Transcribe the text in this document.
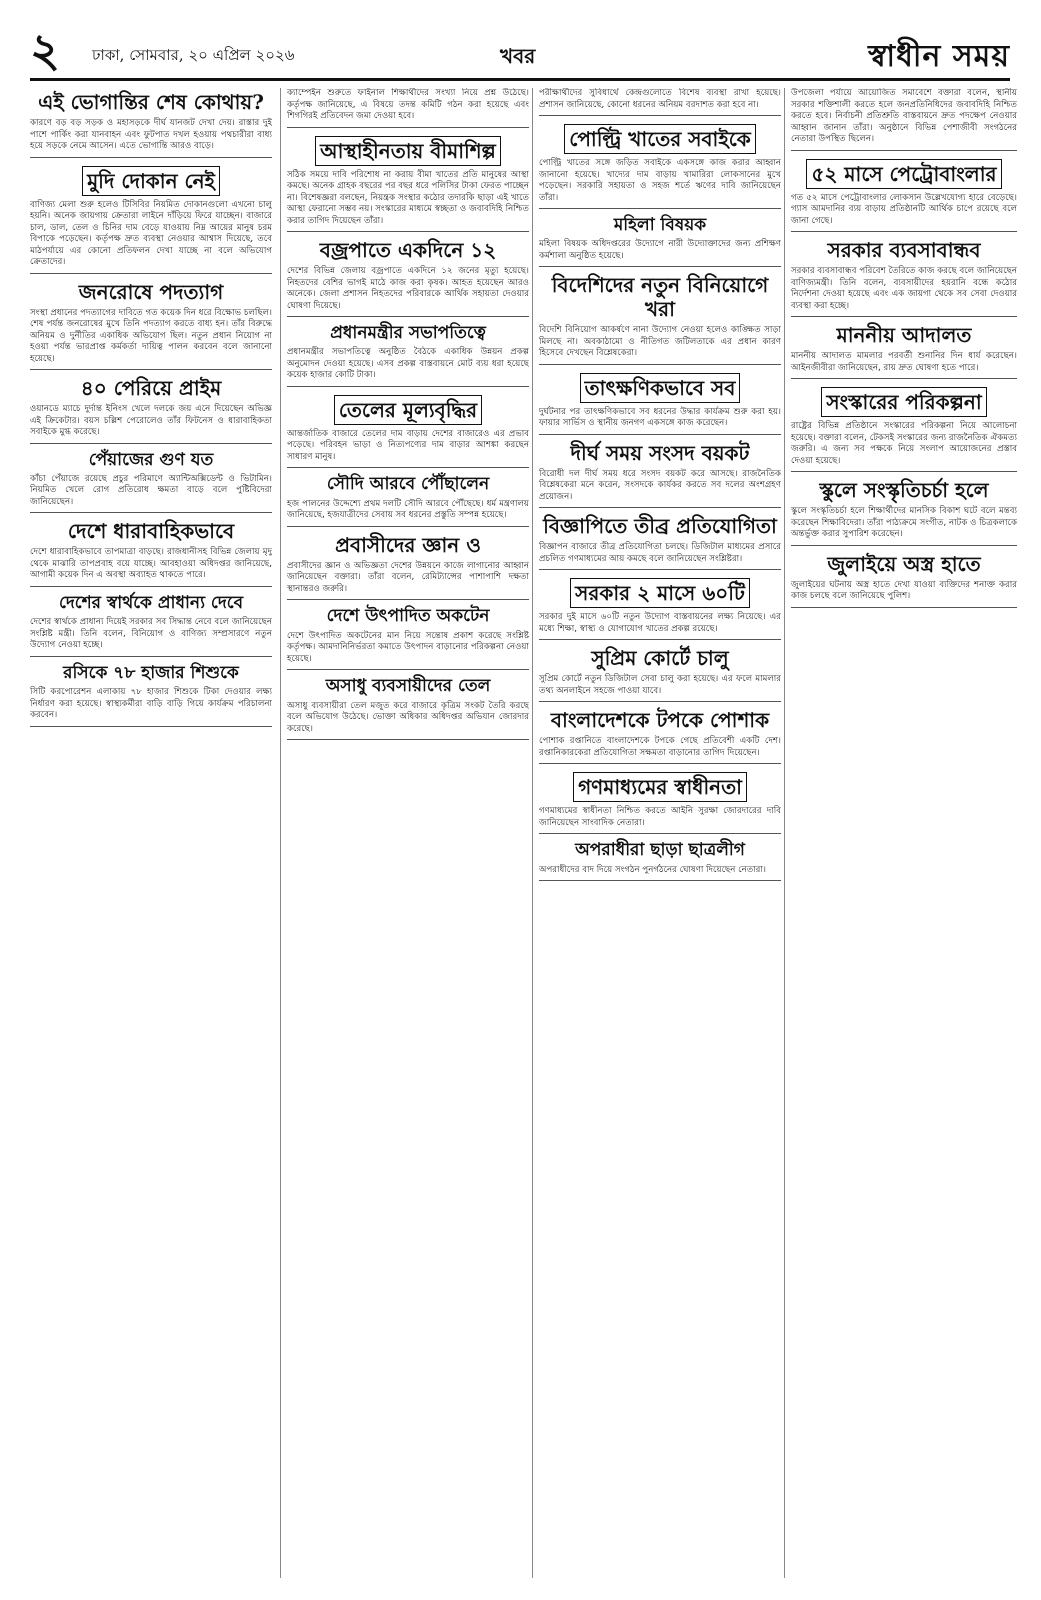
২ ঢাকা, সোমবার, ২০ এপ্রিল ২০২৬	খবর	স্বাধীন সময়
এই ভোগান্তির শেষ কোথায়?

কারণে বড় বড় সড়ক ও মহাসড়কে দীর্ঘ যানজট দেখা দেয়। রাস্তার দুই পাশে পার্কিং করা যানবাহন এবং ফুটপাত দখল হওয়ায় পথচারীরা বাধ্য হয়ে সড়কে নেমে আসেন। এতে ভোগান্তি আরও বাড়ে।

মুদি দোকান নেই

বাণিজ্য মেলা শুরু হলেও টিসিবির নিয়মিত দোকানগুলো এখনো চালু হয়নি। অনেক জায়গায় ক্রেতারা লাইনে দাঁড়িয়ে ফিরে যাচ্ছেন। বাজারে চাল, ডাল, তেল ও চিনির দাম বেড়ে যাওয়ায় নিম্ন আয়ের মানুষ চরম বিপাকে পড়েছেন। কর্তৃপক্ষ দ্রুত ব্যবস্থা নেওয়ার আশ্বাস দিয়েছে, তবে মাঠপর্যায়ে এর কোনো প্রতিফলন দেখা যাচ্ছে না বলে অভিযোগ ক্রেতাদের।

জনরোষে পদত্যাগ

সংস্থা প্রধানের পদত্যাগের দাবিতে গত কয়েক দিন ধরে বিক্ষোভ চলছিল। শেষ পর্যন্ত জনরোষের মুখে তিনি পদত্যাগ করতে বাধ্য হন। তাঁর বিরুদ্ধে অনিয়ম ও দুর্নীতির একাধিক অভিযোগ ছিল। নতুন প্রধান নিয়োগ না হওয়া পর্যন্ত ভারপ্রাপ্ত কর্মকর্তা দায়িত্ব পালন করবেন বলে জানানো হয়েছে।

৪০ পেরিয়ে প্রাইম

ওয়ানডে ম্যাচে দুর্দান্ত ইনিংস খেলে দলকে জয় এনে দিয়েছেন অভিজ্ঞ এই ক্রিকেটার। বয়স চল্লিশ পেরোলেও তাঁর ফিটনেস ও ধারাবাহিকতা সবাইকে মুগ্ধ করেছে।

পেঁয়াজের গুণ যত

কাঁচা পেঁয়াজে রয়েছে প্রচুর পরিমাণে অ্যান্টিঅক্সিডেন্ট ও ভিটামিন। নিয়মিত খেলে রোগ প্রতিরোধ ক্ষমতা বাড়ে বলে পুষ্টিবিদেরা জানিয়েছেন।

দেশে ধারাবাহিকভাবে

দেশে ধারাবাহিকভাবে তাপমাত্রা বাড়ছে। রাজধানীসহ বিভিন্ন জেলায় মৃদু থেকে মাঝারি তাপপ্রবাহ বয়ে যাচ্ছে। আবহাওয়া অধিদপ্তর জানিয়েছে, আগামী কয়েক দিন এ অবস্থা অব্যাহত থাকতে পারে।

দেশের স্বার্থকে প্রাধান্য দেবে

দেশের স্বার্থকে প্রাধান্য দিয়েই সরকার সব সিদ্ধান্ত নেবে বলে জানিয়েছেন সংশ্লিষ্ট মন্ত্রী। তিনি বলেন, বিনিয়োগ ও বাণিজ্য সম্প্রসারণে নতুন উদ্যোগ নেওয়া হচ্ছে।

রসিকে ৭৮ হাজার শিশুকে

সিটি করপোরেশন এলাকায় ৭৮ হাজার শিশুকে টিকা দেওয়ার লক্ষ্য নির্ধারণ করা হয়েছে। স্বাস্থ্যকর্মীরা বাড়ি বাড়ি গিয়ে কার্যক্রম পরিচালনা করবেন।

ক্যাম্পেইন শুরুতে ফাইনাল শিক্ষার্থীদের সংখ্যা নিয়ে প্রশ্ন উঠেছে। কর্তৃপক্ষ জানিয়েছে, এ বিষয়ে তদন্ত কমিটি গঠন করা হয়েছে এবং শিগগিরই প্রতিবেদন জমা দেওয়া হবে।

আস্থাহীনতায় বীমাশিল্প

সঠিক সময়ে দাবি পরিশোধ না করায় বীমা খাতের প্রতি মানুষের আস্থা কমছে। অনেক গ্রাহক বছরের পর বছর ধরে পলিসির টাকা ফেরত পাচ্ছেন না। বিশেষজ্ঞরা বলছেন, নিয়ন্ত্রক সংস্থার কঠোর তদারকি ছাড়া এই খাতে আস্থা ফেরানো সম্ভব নয়। সংস্কারের মাধ্যমে স্বচ্ছতা ও জবাবদিহি নিশ্চিত করার তাগিদ দিয়েছেন তাঁরা।

বজ্রপাতে একদিনে ১২

দেশের বিভিন্ন জেলায় বজ্রপাতে একদিনে ১২ জনের মৃত্যু হয়েছে। নিহতদের বেশির ভাগই মাঠে কাজ করা কৃষক। আহত হয়েছেন আরও অনেকে। জেলা প্রশাসন নিহতদের পরিবারকে আর্থিক সহায়তা দেওয়ার ঘোষণা দিয়েছে।

প্রধানমন্ত্রীর সভাপতিত্বে

প্রধানমন্ত্রীর সভাপতিত্বে অনুষ্ঠিত বৈঠকে একাধিক উন্নয়ন প্রকল্প অনুমোদন দেওয়া হয়েছে। এসব প্রকল্প বাস্তবায়নে মোট ব্যয় ধরা হয়েছে কয়েক হাজার কোটি টাকা।

তেলের মূল্যবৃদ্ধির

আন্তর্জাতিক বাজারে তেলের দাম বাড়ায় দেশের বাজারেও এর প্রভাব পড়েছে। পরিবহন ভাড়া ও নিত্যপণ্যের দাম বাড়ার আশঙ্কা করছেন সাধারণ মানুষ।

সৌদি আরবে পৌঁছালেন

হজ পালনের উদ্দেশ্যে প্রথম দলটি সৌদি আরবে পৌঁছেছে। ধর্ম মন্ত্রণালয় জানিয়েছে, হজযাত্রীদের সেবায় সব ধরনের প্রস্তুতি সম্পন্ন হয়েছে।

প্রবাসীদের জ্ঞান ও

প্রবাসীদের জ্ঞান ও অভিজ্ঞতা দেশের উন্নয়নে কাজে লাগানোর আহ্বান জানিয়েছেন বক্তারা। তাঁরা বলেন, রেমিট্যান্সের পাশাপাশি দক্ষতা স্থানান্তরও জরুরি।

দেশে উৎপাদিত অকটেন

দেশে উৎপাদিত অকটেনের মান নিয়ে সন্তোষ প্রকাশ করেছে সংশ্লিষ্ট কর্তৃপক্ষ। আমদানিনির্ভরতা কমাতে উৎপাদন বাড়ানোর পরিকল্পনা নেওয়া হয়েছে।

অসাধু ব্যবসায়ীদের তেল

অসাধু ব্যবসায়ীরা তেল মজুত করে বাজারে কৃত্রিম সংকট তৈরি করছে বলে অভিযোগ উঠেছে। ভোক্তা অধিকার অধিদপ্তর অভিযান জোরদার করেছে।

পরীক্ষার্থীদের সুবিধার্থে কেন্দ্রগুলোতে বিশেষ ব্যবস্থা রাখা হয়েছে। প্রশাসন জানিয়েছে, কোনো ধরনের অনিয়ম বরদাশত করা হবে না।

পোল্ট্রি খাতের সবাইকে

পোল্ট্রি খাতের সঙ্গে জড়িত সবাইকে একসঙ্গে কাজ করার আহ্বান জানানো হয়েছে। খাদ্যের দাম বাড়ায় খামারিরা লোকসানের মুখে পড়েছেন। সরকারি সহায়তা ও সহজ শর্তে ঋণের দাবি জানিয়েছেন তাঁরা।

মহিলা বিষয়ক

মহিলা বিষয়ক অধিদপ্তরের উদ্যোগে নারী উদ্যোক্তাদের জন্য প্রশিক্ষণ কর্মশালা অনুষ্ঠিত হয়েছে।

বিদেশিদের নতুন বিনিয়োগে খরা

বিদেশি বিনিয়োগ আকর্ষণে নানা উদ্যোগ নেওয়া হলেও কাঙ্ক্ষিত সাড়া মিলছে না। অবকাঠামো ও নীতিগত জটিলতাকে এর প্রধান কারণ হিসেবে দেখছেন বিশ্লেষকেরা।

তাৎক্ষণিকভাবে সব

দুর্ঘটনার পর তাৎক্ষণিকভাবে সব ধরনের উদ্ধার কার্যক্রম শুরু করা হয়। ফায়ার সার্ভিস ও স্থানীয় জনগণ একসঙ্গে কাজ করেছেন।

দীর্ঘ সময় সংসদ বয়কট

বিরোধী দল দীর্ঘ সময় ধরে সংসদ বয়কট করে আসছে। রাজনৈতিক বিশ্লেষকেরা মনে করেন, সংসদকে কার্যকর করতে সব দলের অংশগ্রহণ প্রয়োজন।

বিজ্ঞাপিতে তীব্র প্রতিযোগিতা

বিজ্ঞাপন বাজারে তীব্র প্রতিযোগিতা চলছে। ডিজিটাল মাধ্যমের প্রসারে প্রচলিত গণমাধ্যমের আয় কমছে বলে জানিয়েছেন সংশ্লিষ্টরা।

সরকার ২ মাসে ৬০টি

সরকার দুই মাসে ৬০টি নতুন উদ্যোগ বাস্তবায়নের লক্ষ্য নিয়েছে। এর মধ্যে শিক্ষা, স্বাস্থ্য ও যোগাযোগ খাতের প্রকল্প রয়েছে।

সুপ্রিম কোর্টে চালু

সুপ্রিম কোর্টে নতুন ডিজিটাল সেবা চালু করা হয়েছে। এর ফলে মামলার তথ্য অনলাইনে সহজে পাওয়া যাবে।

বাংলাদেশকে টপকে পোশাক

পোশাক রপ্তানিতে বাংলাদেশকে টপকে গেছে প্রতিবেশী একটি দেশ। রপ্তানিকারকেরা প্রতিযোগিতা সক্ষমতা বাড়ানোর তাগিদ দিয়েছেন।

গণমাধ্যমের স্বাধীনতা

গণমাধ্যমের স্বাধীনতা নিশ্চিত করতে আইনি সুরক্ষা জোরদারের দাবি জানিয়েছেন সাংবাদিক নেতারা।

অপরাধীরা ছাড়া ছাত্রলীগ

অপরাধীদের বাদ দিয়ে সংগঠন পুনর্গঠনের ঘোষণা দিয়েছেন নেতারা।

উপজেলা পর্যায়ে আয়োজিত সমাবেশে বক্তারা বলেন, স্থানীয় সরকার শক্তিশালী করতে হলে জনপ্রতিনিধিদের জবাবদিহি নিশ্চিত করতে হবে। নির্বাচনী প্রতিশ্রুতি বাস্তবায়নে দ্রুত পদক্ষেপ নেওয়ার আহ্বান জানান তাঁরা। অনুষ্ঠানে বিভিন্ন পেশাজীবী সংগঠনের নেতারা উপস্থিত ছিলেন।

৫২ মাসে পেট্রোবাংলার

গত ৫২ মাসে পেট্রোবাংলার লোকসান উল্লেখযোগ্য হারে বেড়েছে। গ্যাস আমদানির ব্যয় বাড়ায় প্রতিষ্ঠানটি আর্থিক চাপে রয়েছে বলে জানা গেছে।

সরকার ব্যবসাবান্ধব

সরকার ব্যবসাবান্ধব পরিবেশ তৈরিতে কাজ করছে বলে জানিয়েছেন বাণিজ্যমন্ত্রী। তিনি বলেন, ব্যবসায়ীদের হয়রানি বন্ধে কঠোর নির্দেশনা দেওয়া হয়েছে এবং এক জায়গা থেকে সব সেবা দেওয়ার ব্যবস্থা করা হচ্ছে।

মাননীয় আদালত

মাননীয় আদালত মামলার পরবর্তী শুনানির দিন ধার্য করেছেন। আইনজীবীরা জানিয়েছেন, রায় দ্রুত ঘোষণা হতে পারে।

সংস্কারের পরিকল্পনা

রাষ্ট্রের বিভিন্ন প্রতিষ্ঠানে সংস্কারের পরিকল্পনা নিয়ে আলোচনা হয়েছে। বক্তারা বলেন, টেকসই সংস্কারের জন্য রাজনৈতিক ঐকমত্য জরুরি। এ জন্য সব পক্ষকে নিয়ে সংলাপ আয়োজনের প্রস্তাব দেওয়া হয়েছে।

স্কুলে সংস্কৃতিচর্চা হলে

স্কুলে সংস্কৃতিচর্চা হলে শিক্ষার্থীদের মানসিক বিকাশ ঘটে বলে মন্তব্য করেছেন শিক্ষাবিদেরা। তাঁরা পাঠ্যক্রমে সংগীত, নাটক ও চিত্রকলাকে অন্তর্ভুক্ত করার সুপারিশ করেছেন।

জুলাইয়ে অস্ত্র হাতে

জুলাইয়ের ঘটনায় অস্ত্র হাতে দেখা যাওয়া ব্যক্তিদের শনাক্ত করার কাজ চলছে বলে জানিয়েছে পুলিশ।
